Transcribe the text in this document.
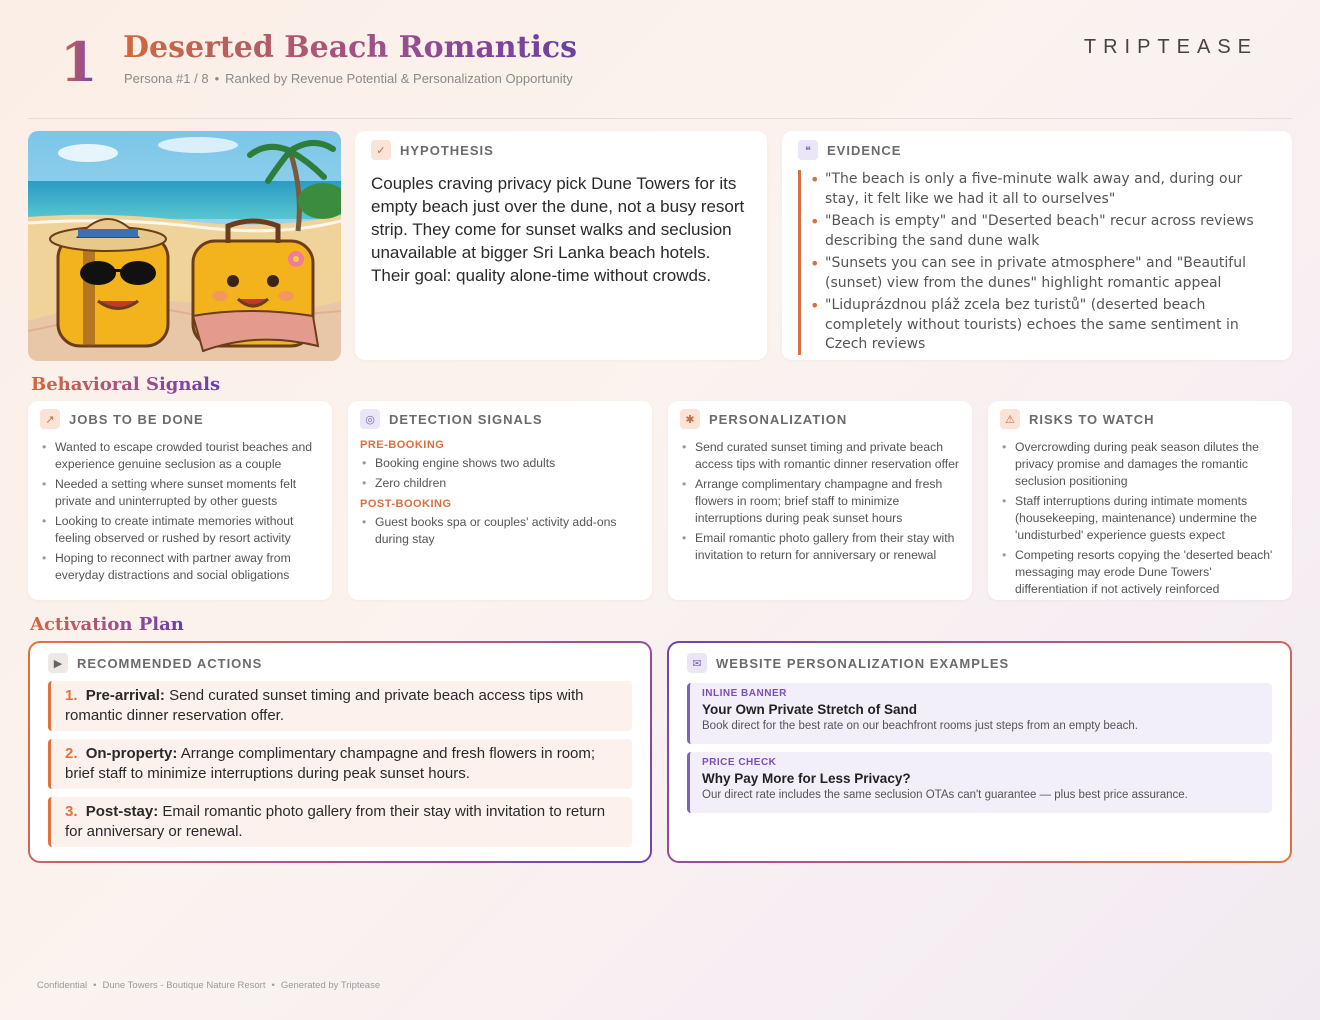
1 Deserted Beach Romantics
Persona #1 / 8 • Ranked by Revenue Potential & Personalization Opportunity
TRIPTEASE
✓	HYPOTHESIS
Couples craving privacy pick Dune Towers for its empty beach just over the dune, not a busy resort strip. They come for sunset walks and seclusion unavailable at bigger Sri Lanka beach hotels. Their goal: quality alone-time without crowds.
❝	EVIDENCE
• "The beach is only a five-minute walk away and, during our stay, it felt like we had it all to ourselves"
• "Beach is empty" and "Deserted beach" recur across reviews describing the sand dune walk
• "Sunsets you can see in private atmosphere" and "Beautiful (sunset) view from the dunes" highlight romantic appeal
• "Liduprázdnou pláž zcela bez turistů" (deserted beach completely without tourists) echoes the same sentiment in Czech reviews
Behavioral Signals
↗	JOBS TO BE DONE
• Wanted to escape crowded tourist beaches and experience genuine seclusion as a couple
• Needed a setting where sunset moments felt private and uninterrupted by other guests
• Looking to create intimate memories without feeling observed or rushed by resort activity
• Hoping to reconnect with partner away from everyday distractions and social obligations
◎	DETECTION SIGNALS
PRE-BOOKING
• Booking engine shows two adults
• Zero children
POST-BOOKING
• Guest books spa or couples' activity add-ons during stay
✱	PERSONALIZATION
• Send curated sunset timing and private beach access tips with romantic dinner reservation offer
• Arrange complimentary champagne and fresh flowers in room; brief staff to minimize interruptions during peak sunset hours
• Email romantic photo gallery from their stay with invitation to return for anniversary or renewal
⚠	RISKS TO WATCH
• Overcrowding during peak season dilutes the privacy promise and damages the romantic seclusion positioning
• Staff interruptions during intimate moments (housekeeping, maintenance) undermine the 'undisturbed' experience guests expect
• Competing resorts copying the 'deserted beach' messaging may erode Dune Towers' differentiation if not actively reinforced
Activation Plan
▶	RECOMMENDED ACTIONS
1. Pre-arrival: Send curated sunset timing and private beach access tips with romantic dinner reservation offer.
2. On-property: Arrange complimentary champagne and fresh flowers in room; brief staff to minimize interruptions during peak sunset hours.
3. Post-stay: Email romantic photo gallery from their stay with invitation to return for anniversary or renewal.
✉	WEBSITE PERSONALIZATION EXAMPLES
INLINE BANNER
Your Own Private Stretch of Sand
Book direct for the best rate on our beachfront rooms just steps from an empty beach.
PRICE CHECK
Why Pay More for Less Privacy?
Our direct rate includes the same seclusion OTAs can't guarantee — plus best price assurance.
Confidential • Dune Towers - Boutique Nature Resort • Generated by Triptease
